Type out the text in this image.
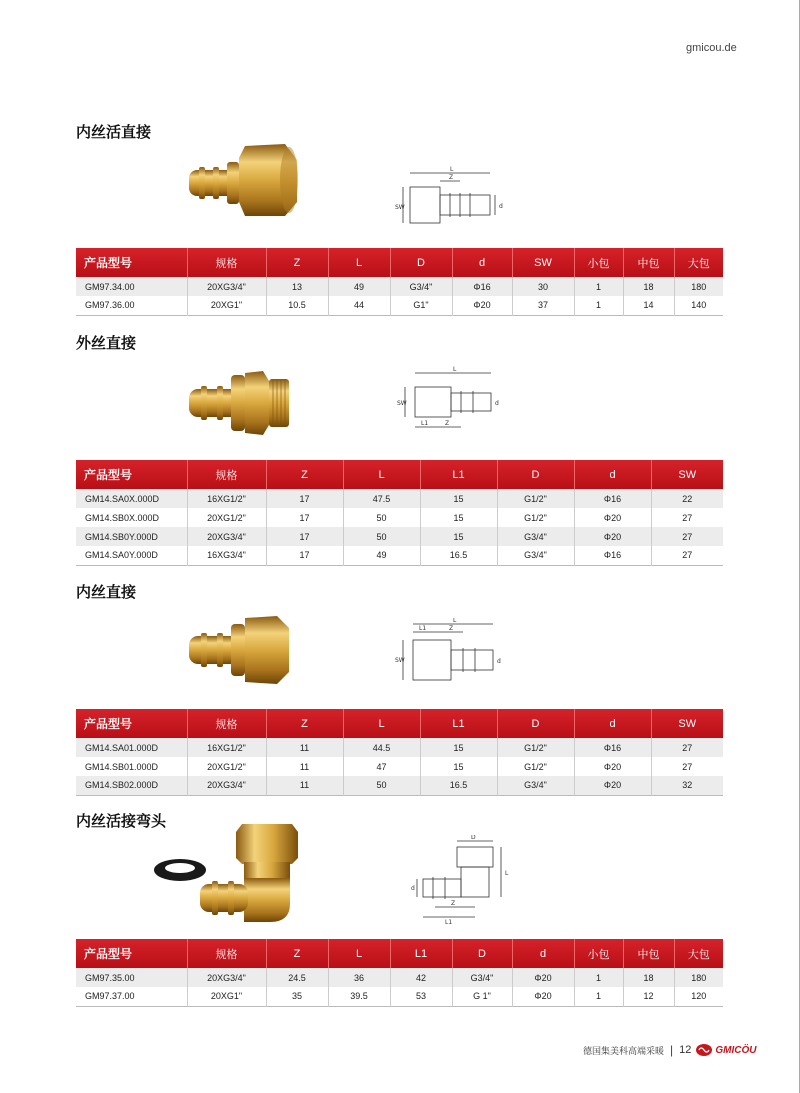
gmicou.de
内丝活直接
L
Z
SW	d
产品型号	规格	Z	L	D	d	SW	小包	中包	大包
GM97.34.00	20XG3/4"	13	49	G3/4"	Φ16	30	1	18	180
GM97.36.00	20XG1"	10.5	44	G1"	Φ20	37	1	14	140
外丝直接
L
L1	Z
SW	d
产品型号	规格	Z	L	L1	D	d	SW
GM14.SA0X.000D	16XG1/2"	17	47.5	15	G1/2"	Φ16	22
GM14.SB0X.000D	20XG1/2"	17	50	15	G1/2"	Φ20	27
GM14.SB0Y.000D	20XG3/4"	17	50	15	G3/4"	Φ20	27
GM14.SA0Y.000D	16XG3/4"	17	49	16.5	G3/4"	Φ16	27
内丝直接
L
L1	Z
SW	d
产品型号	规格	Z	L	L1	D	d	SW
GM14.SA01.000D	16XG1/2"	11	44.5	15	G1/2"	Φ16	27
GM14.SB01.000D	20XG1/2"	11	47	15	G1/2"	Φ20	27
GM14.SB02.000D	20XG3/4"	11	50	16.5	G3/4"	Φ20	32
内丝活接弯头
D
Z
L1
d
L
产品型号	规格	Z	L	L1	D	d	小包	中包	大包
GM97.35.00	20XG3/4"	24.5	36	42	G3/4"	Φ20	1	18	180
GM97.37.00	20XG1"	35	39.5	53	G 1"	Φ20	1	12	120
德国集美科高端采暖 | 12 GMICÖU
